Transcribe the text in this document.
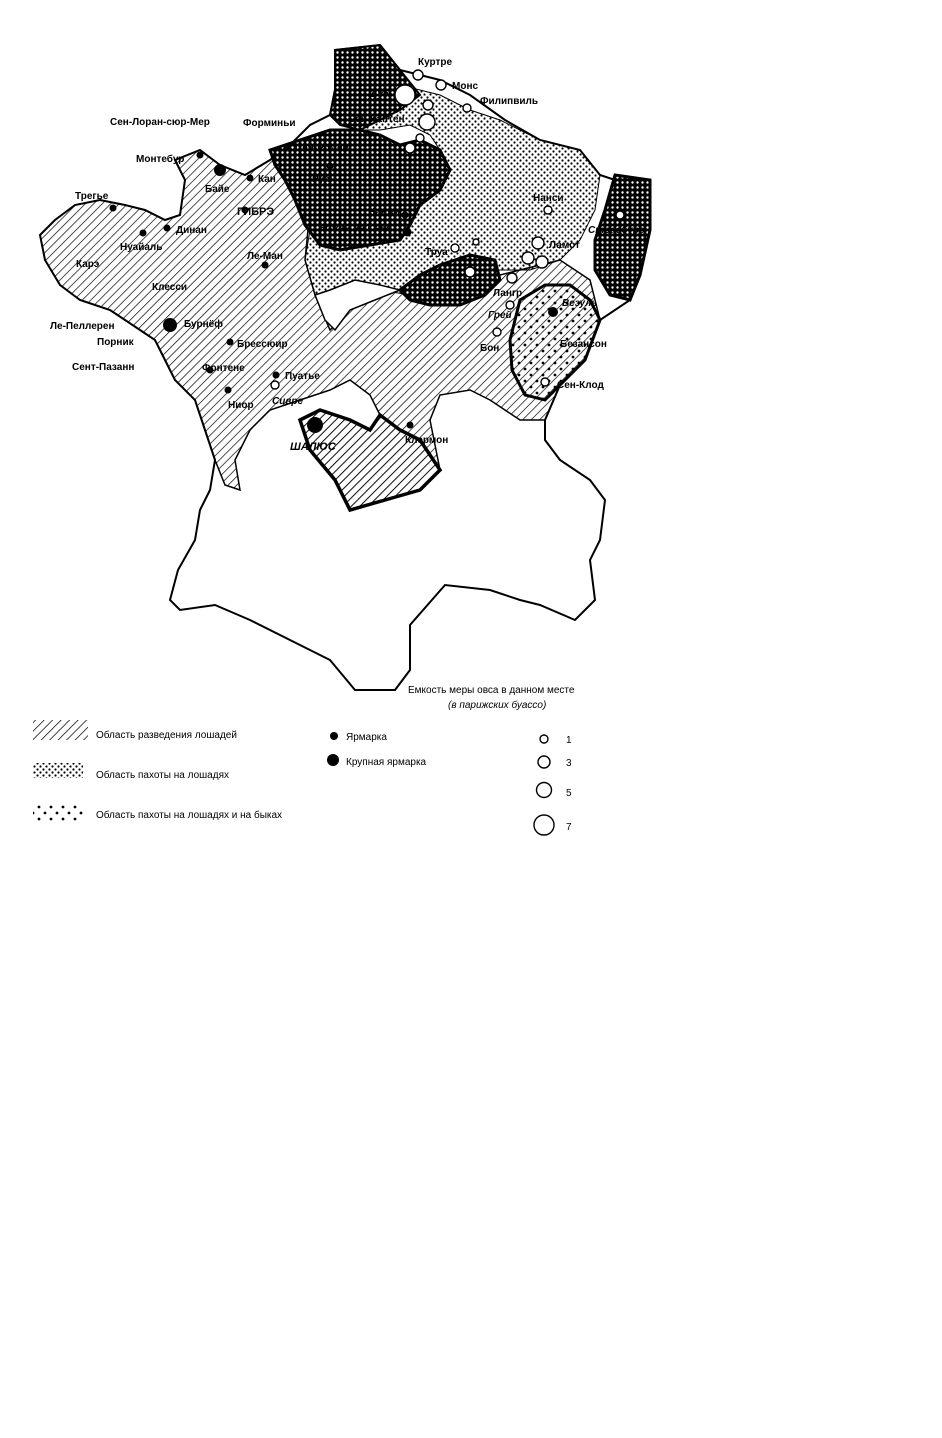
Куртре
Монс
Дуэ
Филипвиль
Сен-Кантен
Сен-Лоран-сюр-Мер	Форминьи
Монтебур
Сен-Ромен
Байе
Кан	Руан
ГИБРЭ
Трегье
Нуайаль
Динан
Карэ
Нанжи
Ножан на Сене
Нанси
Страсбург
Труа
Ламот
Ле-Ман
Клесси
Лангр
Везуль
Ле-Пеллерен	Бурнёф
Порник
Сент-Пазанн
Брессюир
Грей
Бон	Безансон
Фонтене
Пуатье
Ниор Сивре
Сен-Клод
ШАЛЮС
Клермон
Область разведения лошадей
Область пахоты на лошадях
Область пахоты на лошадях и на быках
Ярмарка
Крупная ярмарка
Емкость меры овса в данном месте
(в парижских буассо)
1
3
5
7
